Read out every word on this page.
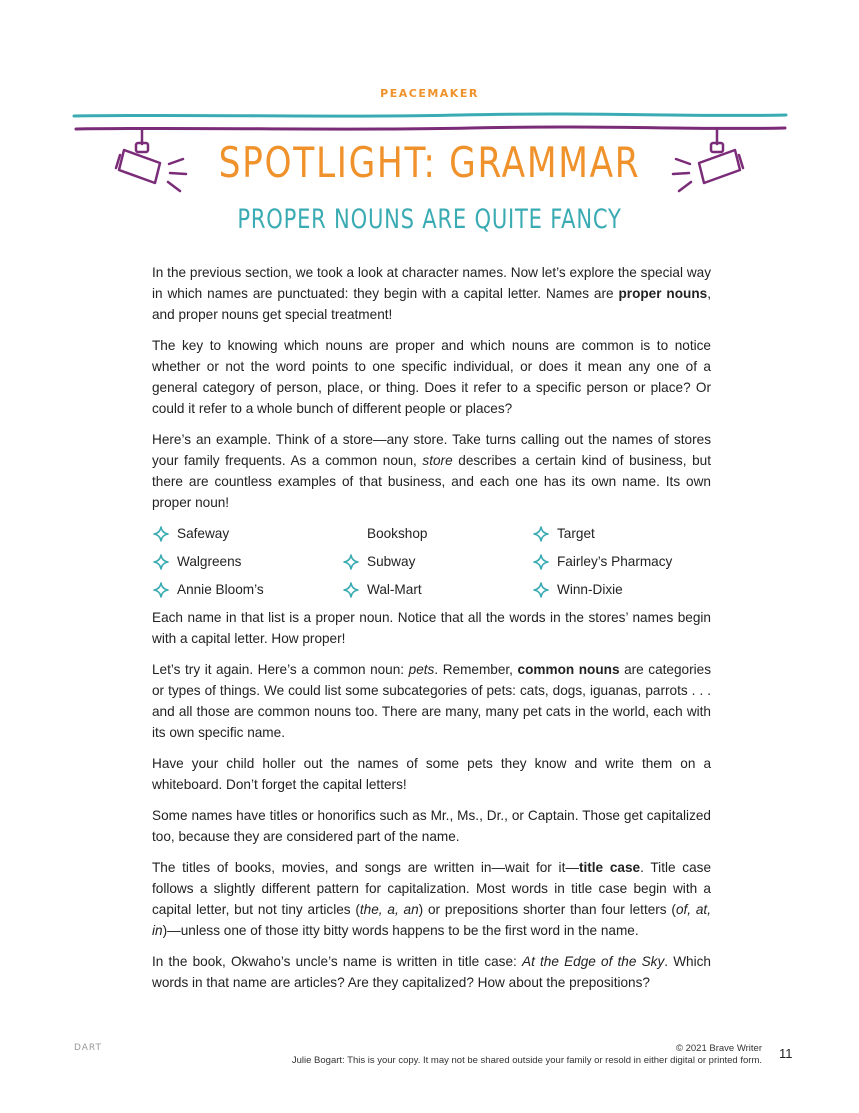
PEACEMAKER
SPOTLIGHT: GRAMMAR
PROPER NOUNS ARE QUITE FANCY

In the previous section, we took a look at character names. Now let’s explore the special way in which names are punctuated: they begin with a capital letter. Names are proper nouns, and proper nouns get special treatment!

The key to knowing which nouns are proper and which nouns are common is to notice whether or not the word points to one specific individual, or does it mean any one of a general category of person, place, or thing. Does it refer to a specific person or place? Or could it refer to a whole bunch of different people or places?

Here’s an example. Think of a store—any store. Take turns calling out the names of stores your family frequents. As a common noun, store describes a certain kind of business, but there are countless examples of that business, and each one has its own name. Its own proper noun!

Safeway	Bookshop	Target
Walgreens	Subway	Fairley’s Pharmacy
Annie Bloom’s	Wal-Mart	Winn-Dixie

Each name in that list is a proper noun. Notice that all the words in the stores’ names begin with a capital letter. How proper!

Let’s try it again. Here’s a common noun: pets. Remember, common nouns are categories or types of things. We could list some subcategories of pets: cats, dogs, iguanas, parrots . . . and all those are common nouns too. There are many, many pet cats in the world, each with its own specific name.

Have your child holler out the names of some pets they know and write them on a whiteboard. Don’t forget the capital letters!

Some names have titles or honorifics such as Mr., Ms., Dr., or Captain. Those get capitalized too, because they are considered part of the name.

The titles of books, movies, and songs are written in—wait for it—title case. Title case follows a slightly different pattern for capitalization. Most words in title case begin with a capital letter, but not tiny articles (the, a, an) or prepositions shorter than four letters (of, at, in)—unless one of those itty bitty words happens to be the first word in the name.

In the book, Okwaho’s uncle’s name is written in title case: At the Edge of the Sky. Which words in that name are articles? Are they capitalized? How about the prepositions?

DART	© 2021 Brave Writer
Julie Bogart: This is your copy. It may not be shared outside your family or resold in either digital or printed form. 11
